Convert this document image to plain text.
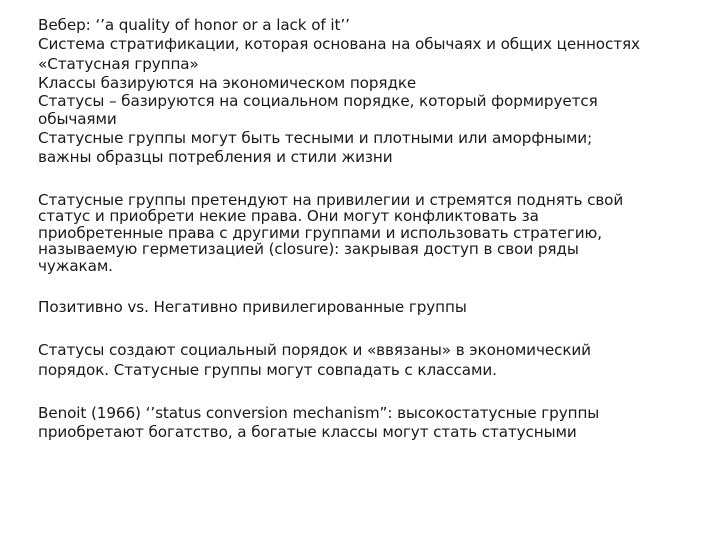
Вебер: ‘’a quality of honor or a lack of it’’
Система стратификации, которая основана на обычаях и общих ценностях
«Статусная группа»
Классы базируются на экономическом порядке
Статусы – базируются на социальном порядке, который формируется
обычаями
Статусные группы могут быть тесными и плотными или аморфными;
важны образцы потребления и стили жизни
Статусные группы претендуют на привилегии и стремятся поднять свой
статус и приобрети некие права. Они могут конфликтовать за
приобретенные права с другими группами и использовать стратегию,
называемую герметизацией (closure): закрывая доступ в свои ряды
чужакам.
Позитивно vs. Негативно привилегированные группы
Статусы создают социальный порядок и «ввязаны» в экономический
порядок. Статусные группы могут совпадать с классами.
Benoit (1966) ‘’status conversion mechanism”: высокостатусные группы
приобретают богатство, а богатые классы могут стать статусными
